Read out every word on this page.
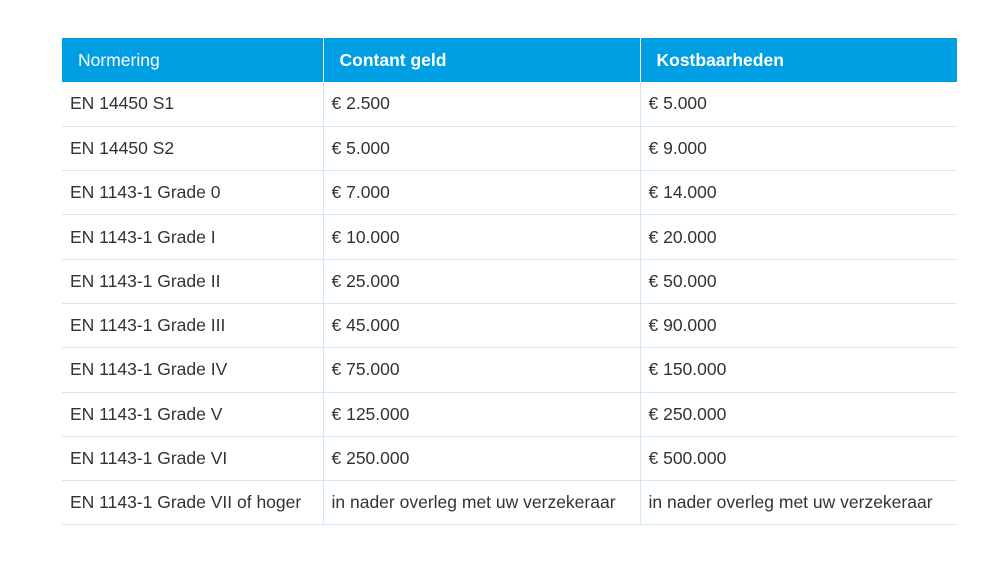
Normering	Contant geld	Kostbaarheden
EN 14450 S1	€ 2.500	€ 5.000
EN 14450 S2	€ 5.000	€ 9.000
EN 1143-1 Grade 0	€ 7.000	€ 14.000
EN 1143-1 Grade I	€ 10.000	€ 20.000
EN 1143-1 Grade II	€ 25.000	€ 50.000
EN 1143-1 Grade III	€ 45.000	€ 90.000
EN 1143-1 Grade IV	€ 75.000	€ 150.000
EN 1143-1 Grade V	€ 125.000	€ 250.000
EN 1143-1 Grade VI	€ 250.000	€ 500.000
EN 1143-1 Grade VII of hoger	in nader overleg met uw verzekeraar	in nader overleg met uw verzekeraar
